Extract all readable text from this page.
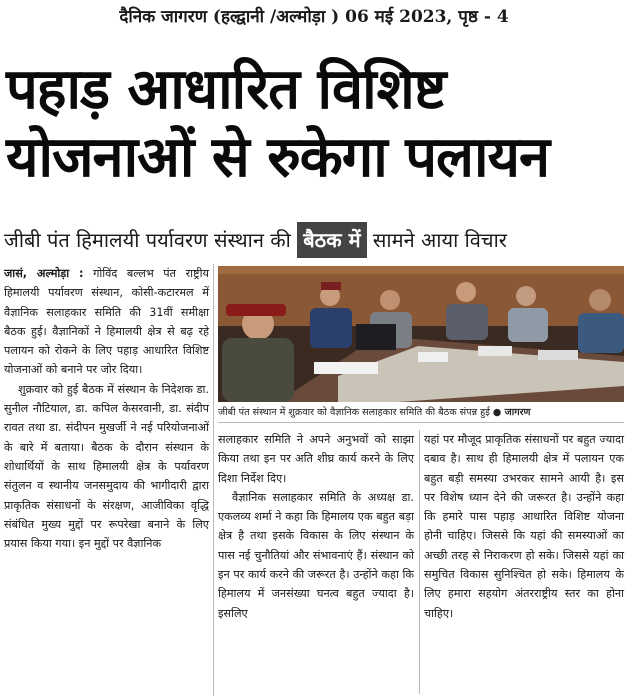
दैनिक जागरण (हल्द्वानी /अल्मोड़ा ) 06 मई 2023, पृष्ठ - 4
पहाड़ आधारित विशिष्ट
योजनाओं से रुकेगा पलायन
जीबी पंत हिमालयी पर्यावरण संस्थान की बैठक में सामने आया विचार

जासं, अल्मोड़ा : गोविंद बल्लभ पंत राष्ट्रीय हिमालयी पर्यावरण संस्थान, कोसी-कटारमल में वैज्ञानिक सलाहकार समिति की 31वीं समीक्षा बैठक हुई। वैज्ञानिकों ने हिमालयी क्षेत्र से बढ़ रहे पलायन को रोकने के लिए पहाड़ आधारित विशिष्ट योजनाओं को बनाने पर जोर दिया।

शुक्रवार को हुई बैठक में संस्थान के निदेशक डा. सुनील नौटियाल, डा. कपिल केसरवानी, डा. संदीप रावत तथा डा. संदीपन मुखर्जी ने नई परियोजनाओं के बारे में बताया। बैठक के दौरान संस्थान के शोधार्थियों के साथ हिमालयी क्षेत्र के पर्यावरण संतुलन व स्थानीय जनसमुदाय की भागीदारी द्वारा प्राकृतिक संसाधनों के संरक्षण, आजीविका वृद्धि संबंधित मुख्य मुद्दों पर रूपरेखा बनाने के लिए प्रयास किया गया। इन मुद्दों पर वैज्ञानिक

जीबी पंत संस्थान में शुक्रवार को वैज्ञानिक सलाहकार समिति की बैठक संपन्न हुई ● जागरण

सलाहकार समिति ने अपने अनुभवों को साझा किया तथा इन पर अति शीघ्र कार्य करने के लिए दिशा निर्देश दिए।

वैज्ञानिक सलाहकार समिति के अध्यक्ष डा. एकलव्य शर्मा ने कहा कि हिमालय एक बहुत बड़ा क्षेत्र है तथा इसके विकास के लिए संस्थान के पास नई चुनौतियां और संभावनाएं हैं। संस्थान को इन पर कार्य करने की जरूरत है। उन्होंने कहा कि हिमालय में जनसंख्या घनत्व बहुत ज्यादा है। इसलिए

यहां पर मौजूद प्राकृतिक संसाधनों पर बहुत ज्यादा दबाव है। साथ ही हिमालयी क्षेत्र में पलायन एक बहुत बड़ी समस्या उभरकर सामने आयी है। इस पर विशेष ध्यान देने की जरूरत है। उन्होंने कहा कि हमारे पास पहाड़ आधारित विशिष्ट योजना होनी चाहिए। जिससे कि यहां की समस्याओं का अच्छी तरह से निराकरण हो सके। जिससे यहां का समुचित विकास सुनिश्चित हो सके। हिमालय के लिए हमारा सहयोग अंतरराष्ट्रीय स्तर का होना चाहिए।
